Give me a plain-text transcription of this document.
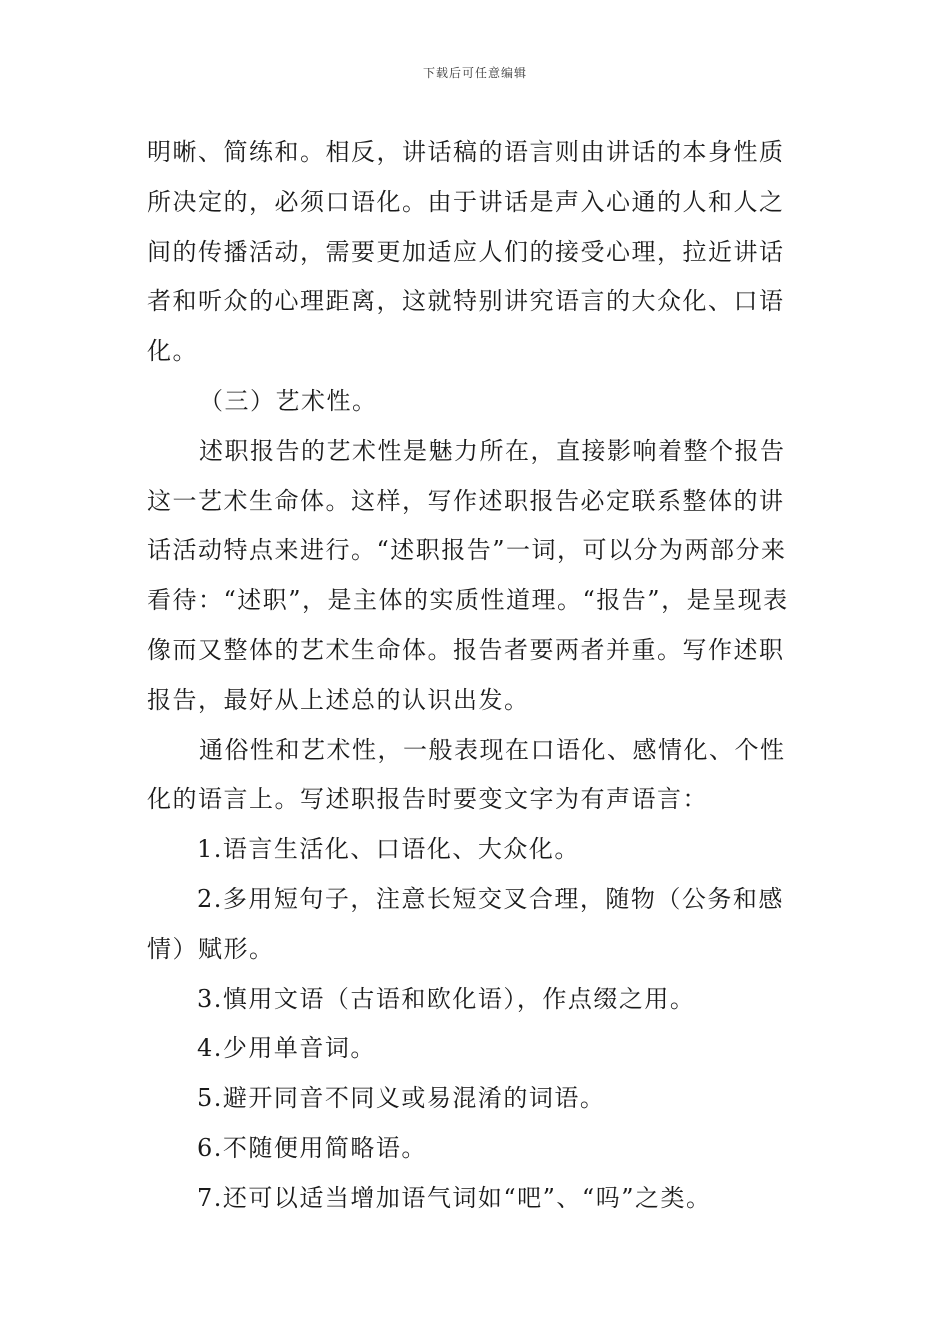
下载后可任意编辑

明晰、简练和。相反，讲话稿的语言则由讲话的本身性质所决定的，必须口语化。由于讲话是声入心通的人和人之间的传播活动，需要更加适应人们的接受心理，拉近讲话者和听众的心理距离，这就特别讲究语言的大众化、口语化。

（三）艺术性。

述职报告的艺术性是魅力所在，直接影响着整个报告这一艺术生命体。这样，写作述职报告必定联系整体的讲话活动特点来进行。“述职报告”一词，可以分为两部分来看待：“述职”，是主体的实质性道理。“报告”，是呈现表像而又整体的艺术生命体。报告者要两者并重。写作述职报告，最好从上述总的认识出发。

通俗性和艺术性，一般表现在口语化、感情化、个性化的语言上。写述职报告时要变文字为有声语言：

1.语言生活化、口语化、大众化。

2.多用短句子，注意长短交叉合理，随物（公务和感情）赋形。

3.慎用文语（古语和欧化语），作点缀之用。

4.少用单音词。

5.避开同音不同义或易混淆的词语。

6.不随便用简略语。

7.还可以适当增加语气词如“吧”、“吗”之类。
